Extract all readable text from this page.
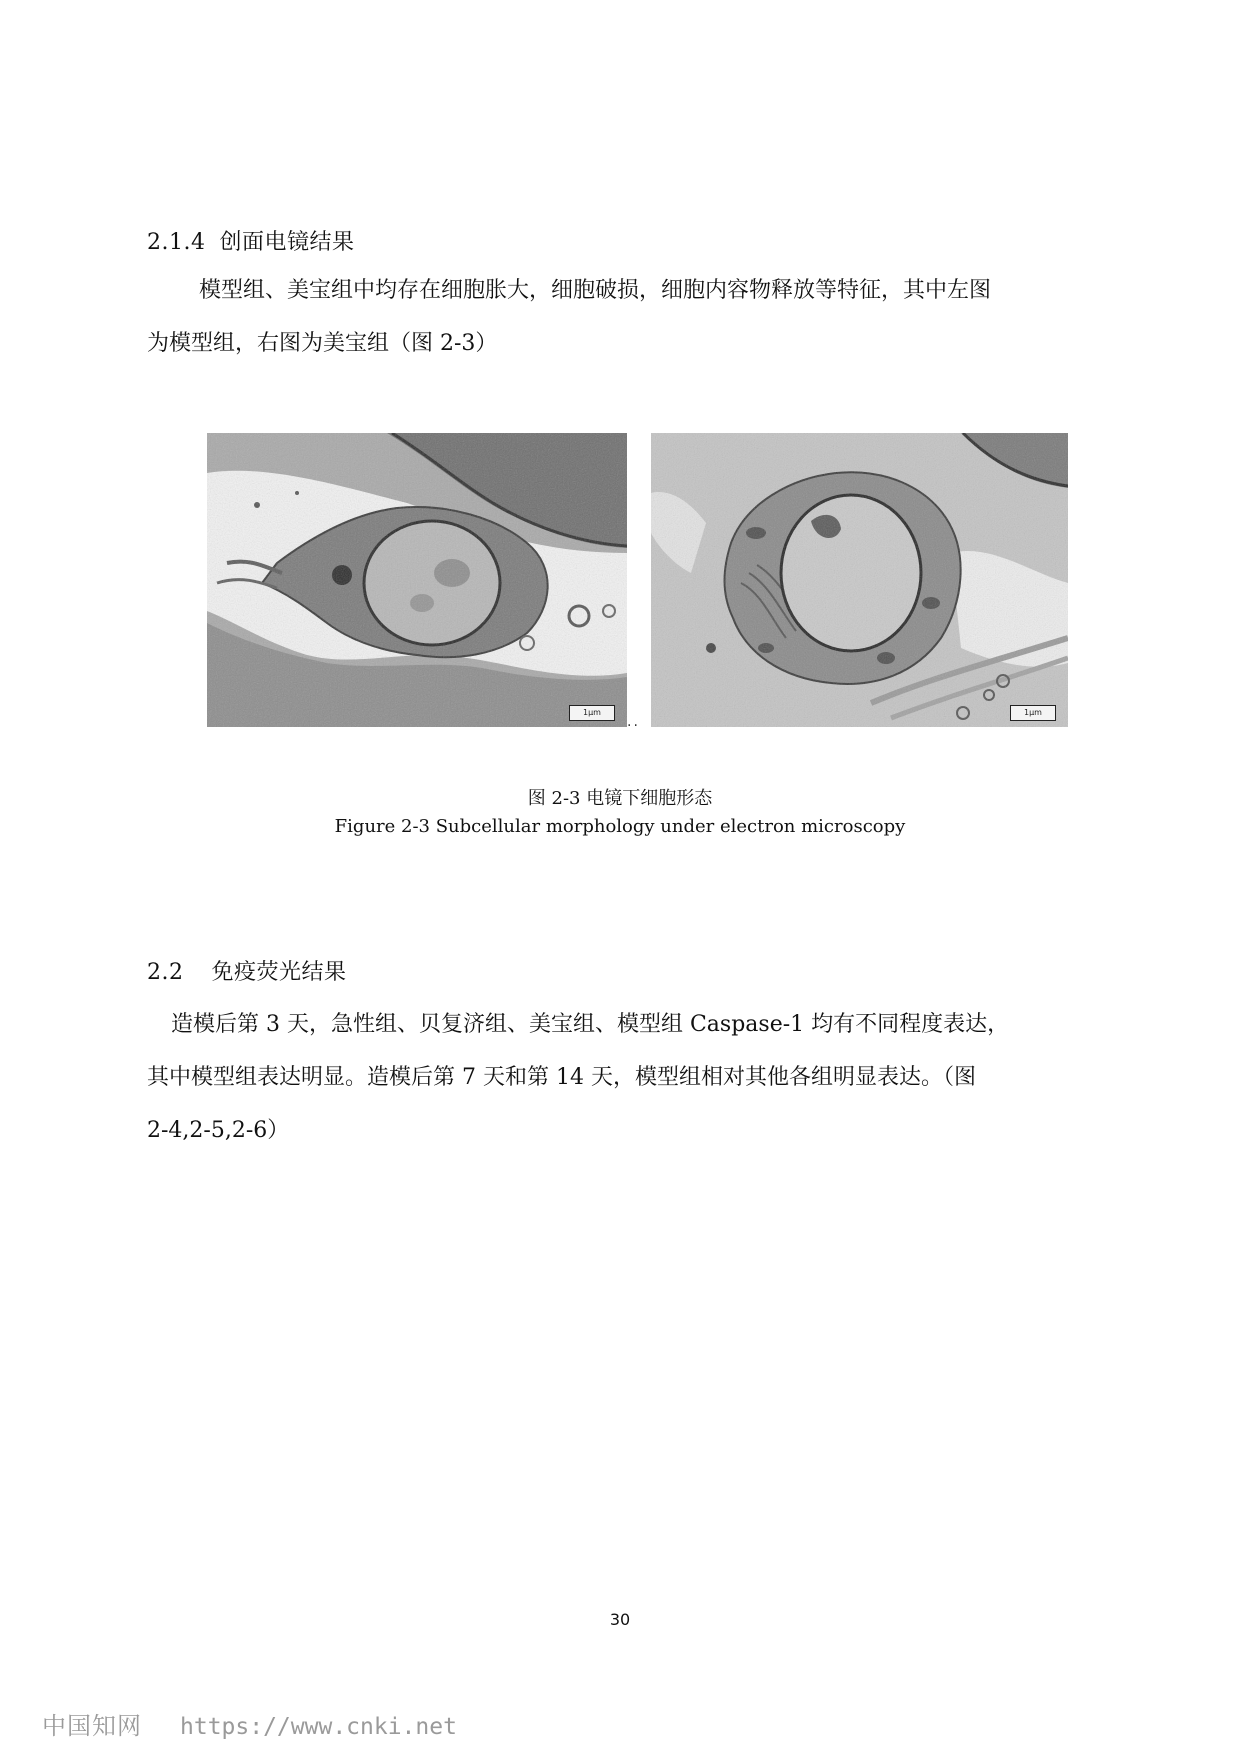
2.1.4 创面电镜结果

模型组、美宝组中均存在细胞胀大，细胞破损，细胞内容物释放等特征，其中左图

为模型组，右图为美宝组（图 2-3）

1μm	1μm
..
图 2-3 电镜下细胞形态
Figure 2-3 Subcellular morphology under electron microscopy
2.2 免疫荧光结果

造模后第 3 天，急性组、贝复济组、美宝组、模型组 Caspase-1 均有不同程度表达，

其中模型组表达明显。造模后第 7 天和第 14 天，模型组相对其他各组明显表达。（图

2-4,2-5,2-6）

30
中国知网 https://www.cnki.net
